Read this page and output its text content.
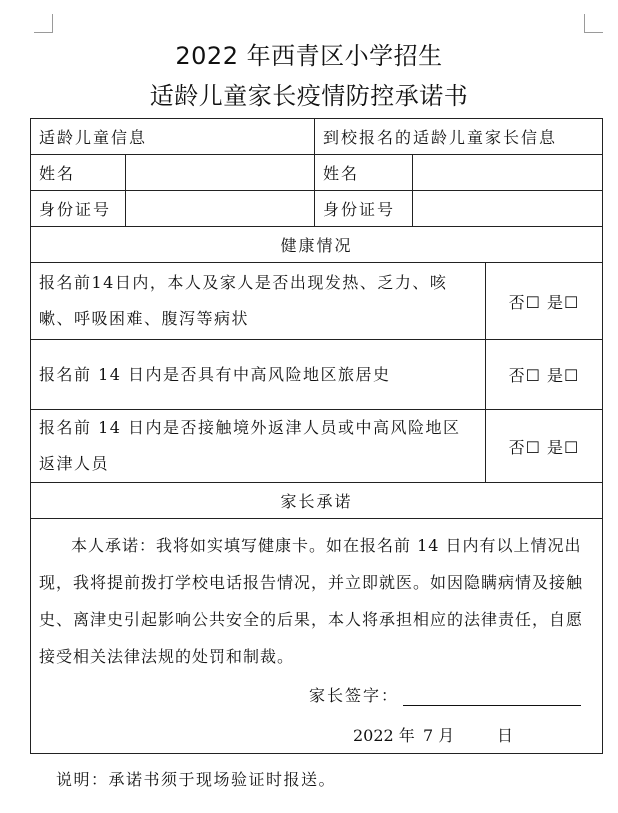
2022 年西青区小学招生
适龄儿童家长疫情防控承诺书
适龄儿童信息		到校报名的适龄儿童家长信息		
姓名		姓名		
身份证号		身份证号		
健康情况				
报名前14日内，本人及家人是否出现发热、乏力、咳嗽、呼吸困难、腹泻等病状				否☐ 是☐
报名前 14 日内是否具有中高风险地区旅居史				否☐ 是☐
报名前 14 日内是否接触境外返津人员或中高风险地区返津人员				否☐ 是☐
家长承诺				

本人承诺：我将如实填写健康卡。如在报名前 14 日内有以上情况出现，我将提前拨打学校电话报告情况，并立即就医。如因隐瞒病情及接触史、离津史引起影响公共安全的后果，本人将承担相应的法律责任，自愿接受相关法律法规的处罚和制裁。
家长签字：
2022 年 7 月 日				
说明：承诺书须于现场验证时报送。
